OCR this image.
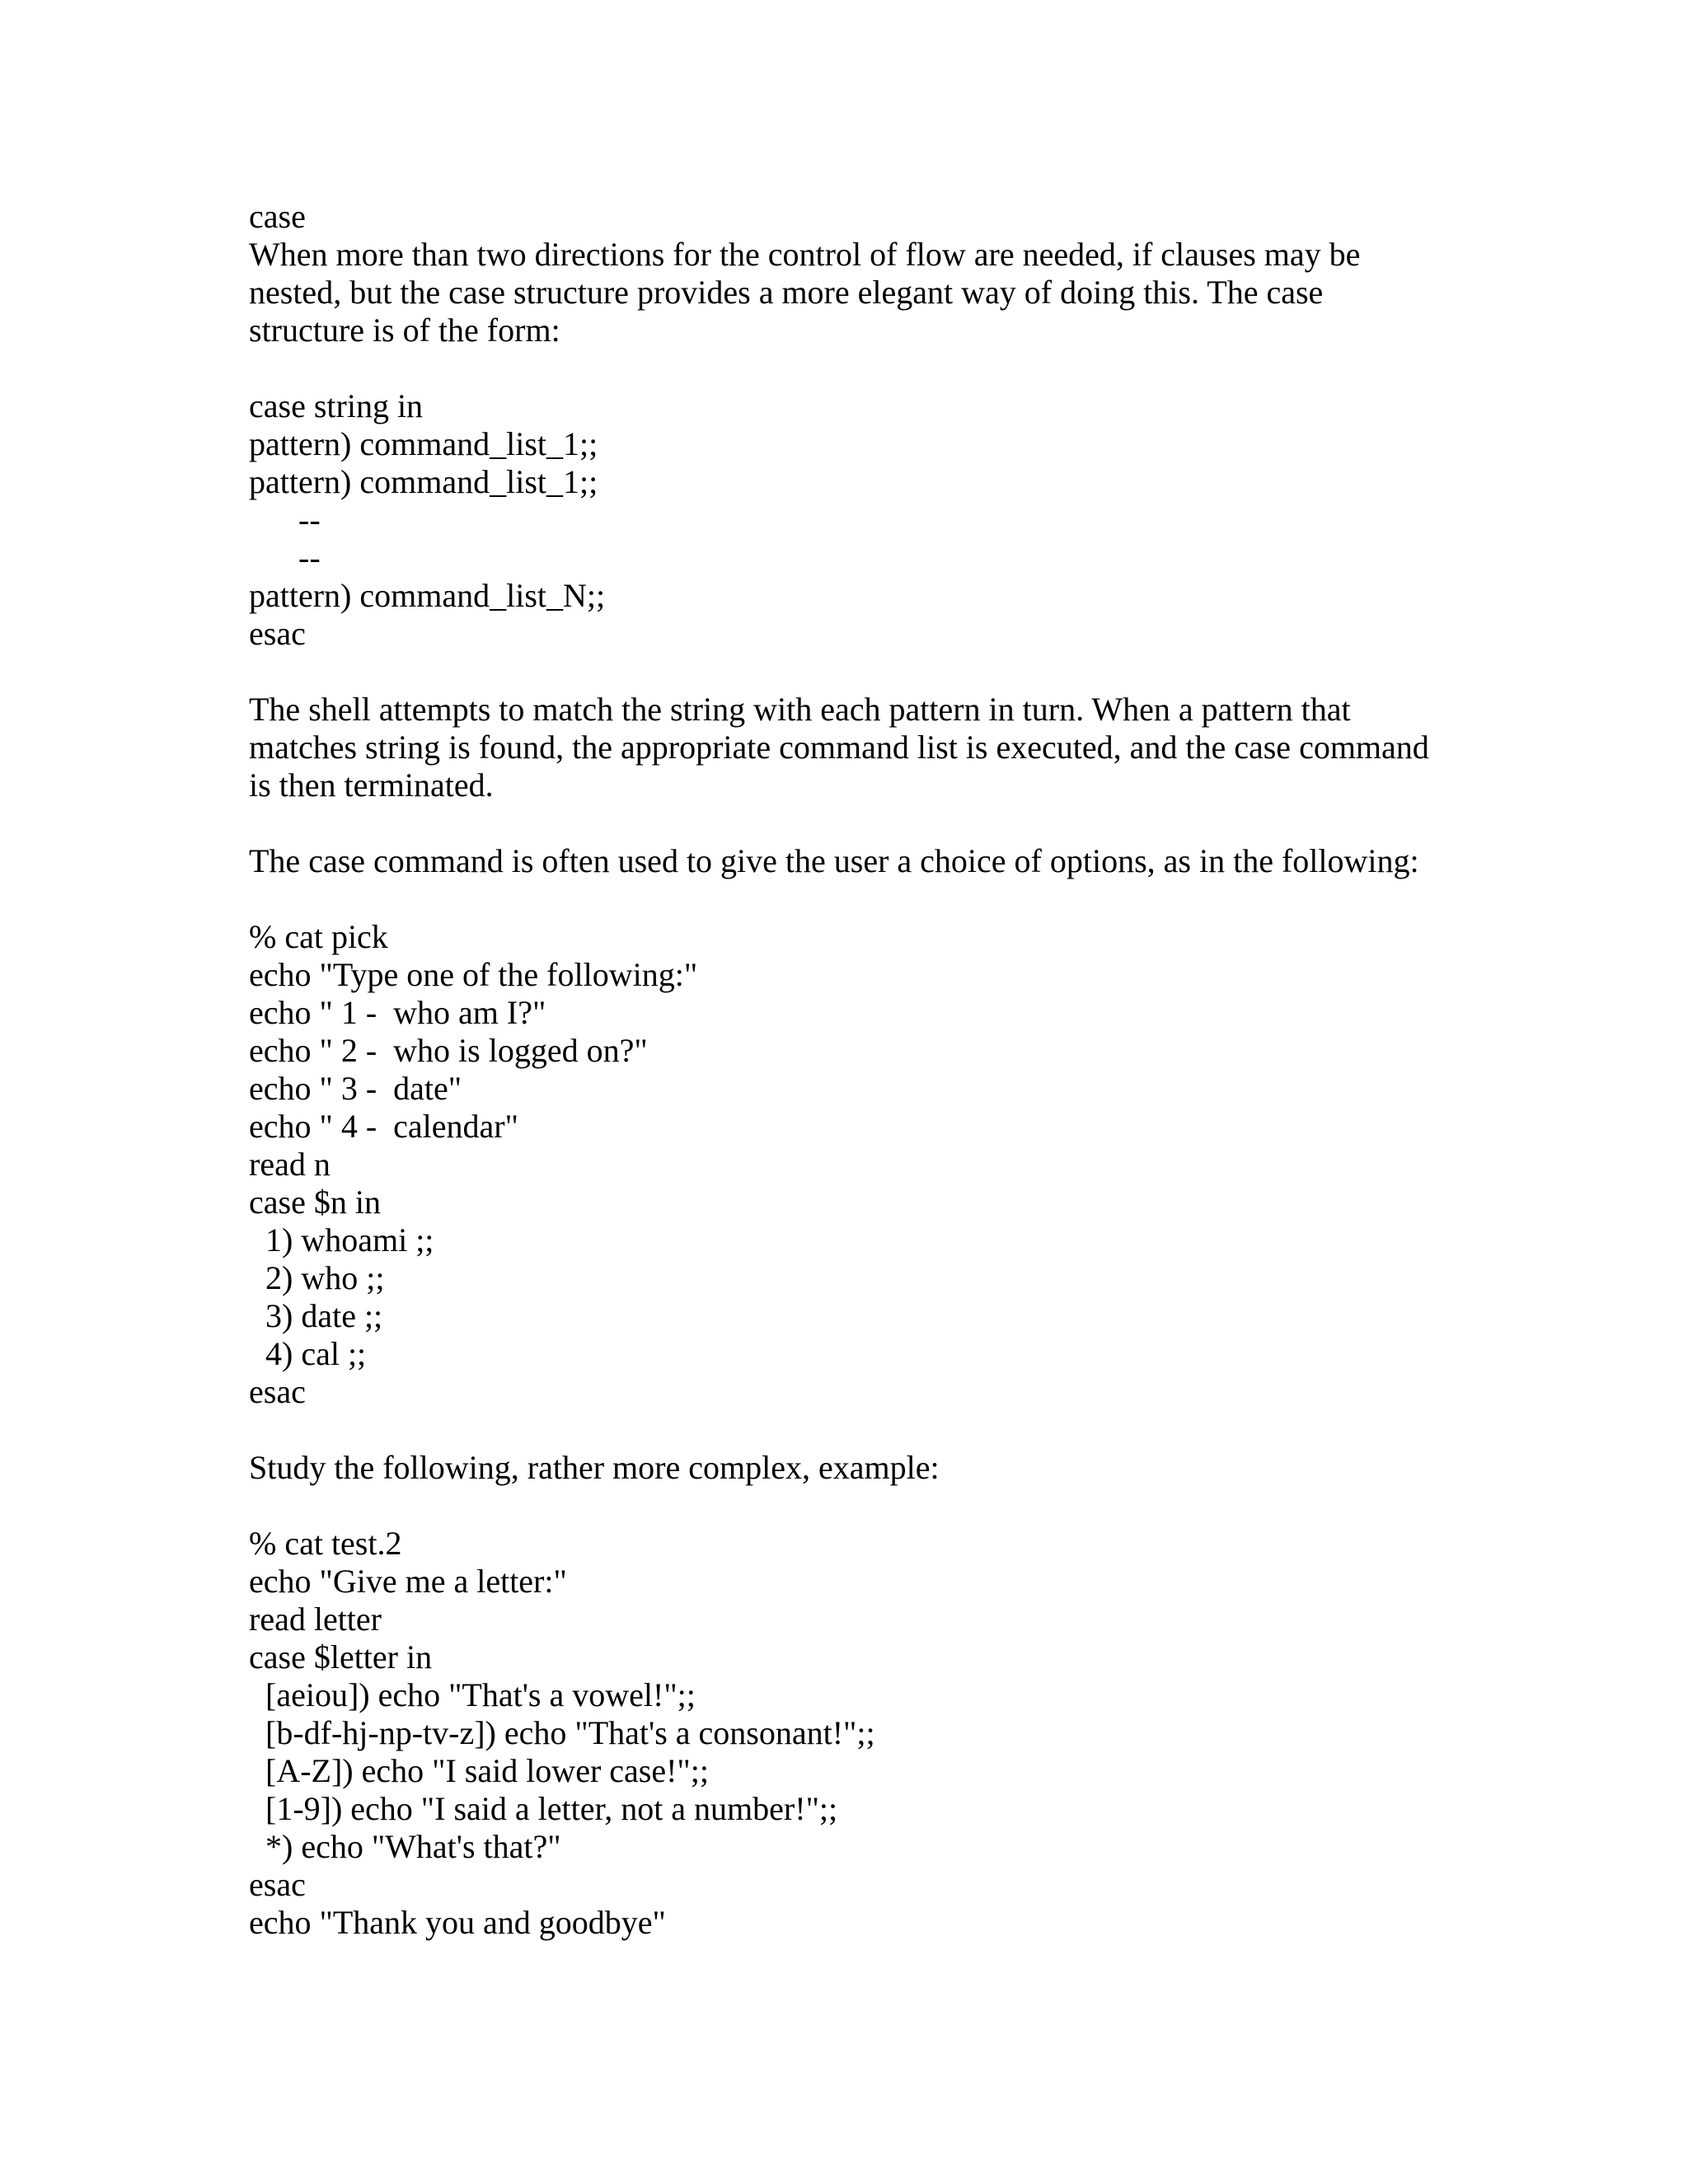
case

When more than two directions for the control of flow are needed, if clauses may be

nested, but the case structure provides a more elegant way of doing this. The case

structure is of the form:

case string in

pattern) command_list_1;;

pattern) command_list_1;;

--

--

pattern) command_list_N;;

esac

The shell attempts to match the string with each pattern in turn. When a pattern that

matches string is found, the appropriate command list is executed, and the case command

is then terminated.

The case command is often used to give the user a choice of options, as in the following:

% cat pick

echo "Type one of the following:"

echo " 1 -  who am I?"

echo " 2 -  who is logged on?"

echo " 3 -  date"

echo " 4 -  calendar"

read n

case $n in

1) whoami ;;

2) who ;;

3) date ;;

4) cal ;;

esac

Study the following, rather more complex, example:

% cat test.2

echo "Give me a letter:"

read letter

case $letter in

[aeiou]) echo "That's a vowel!";;

[b-df-hj-np-tv-z]) echo "That's a consonant!";;

[A-Z]) echo "I said lower case!";;

[1-9]) echo "I said a letter, not a number!";;

*) echo "What's that?"

esac

echo "Thank you and goodbye"
